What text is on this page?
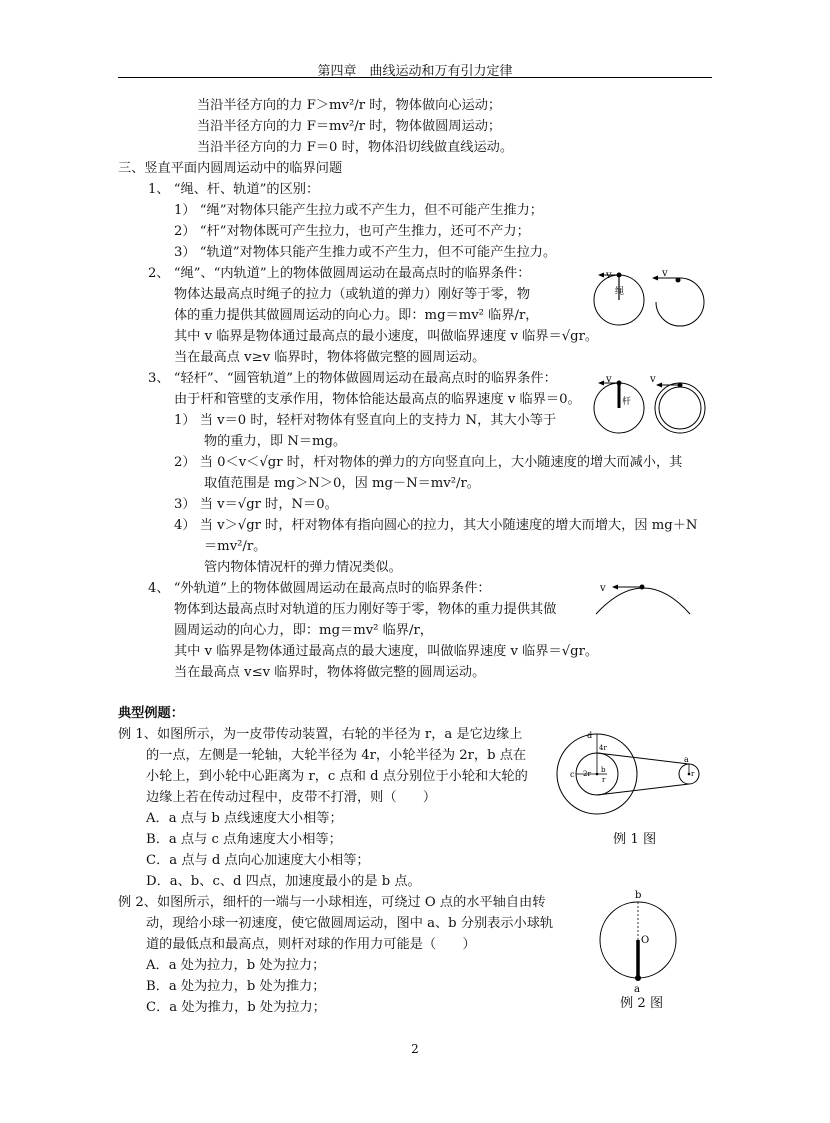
第四章　曲线运动和万有引力定律
当沿半径方向的力 F＞mv²/r 时，物体做向心运动；
当沿半径方向的力 F＝mv²/r 时，物体做圆周运动；
当沿半径方向的力 F＝0 时，物体沿切线做直线运动。
三、竖直平面内圆周运动中的临界问题
1、 “绳、杆、轨道”的区别：
1） “绳”对物体只能产生拉力或不产生力，但不可能产生推力；
2） “杆”对物体既可产生拉力，也可产生推力，还可不产力；
3） “轨道”对物体只能产生推力或不产生力，但不可能产生拉力。
2、 “绳”、“内轨道”上的物体做圆周运动在最高点时的临界条件：
物体达最高点时绳子的拉力（或轨道的弹力）刚好等于零，物
体的重力提供其做圆周运动的向心力。即：mg＝mv² 临界/r，
其中 v 临界是物体通过最高点的最小速度，叫做临界速度 v 临界＝√gr。
当在最高点 v≥v 临界时，物体将做完整的圆周运动。
3、 “轻杆”、“圆管轨道”上的物体做圆周运动在最高点时的临界条件：
由于杆和管壁的支承作用，物体恰能达最高点的临界速度 v 临界＝0。
1） 当 v＝0 时，轻杆对物体有竖直向上的支持力 N，其大小等于
物的重力，即 N＝mg。
2） 当 0＜v＜√gr 时，杆对物体的弹力的方向竖直向上，大小随速度的增大而减小，其
取值范围是 mg＞N＞0，因 mg－N＝mv²/r。
3） 当 v＝√gr 时，N＝0。
4） 当 v＞√gr 时，杆对物体有指向圆心的拉力，其大小随速度的增大而增大，因 mg＋N
＝mv²/r。
管内物体情况杆的弹力情况类似。
4、 “外轨道”上的物体做圆周运动在最高点时的临界条件：
物体到达最高点时对轨道的压力刚好等于零，物体的重力提供其做
圆周运动的向心力，即：mg＝mv² 临界/r，
其中 v 临界是物体通过最高点的最大速度，叫做临界速度 v 临界＝√gr。
当在最高点 v≤v 临界时，物体将做完整的圆周运动。
典型例题：
例 1、如图所示，为一皮带传动装置，右轮的半径为 r，a 是它边缘上
的一点，左侧是一轮轴，大轮半径为 4r，小轮半径为 2r，b 点在
小轮上，到小轮中心距离为 r，c 点和 d 点分别位于小轮和大轮的
边缘上若在传动过程中，皮带不打滑，则（　　）
A．a 点与 b 点线速度大小相等；
B．a 点与 c 点角速度大小相等；
C．a 点与 d 点向心加速度大小相等；
D．a、b、c、d 四点，加速度最小的是 b 点。
例 2、如图所示，细杆的一端与一小球相连，可绕过 O 点的水平轴自由转
动，现给小球一初速度，使它做圆周运动，图中 a、b 分别表示小球轨
道的最低点和最高点，则杆对球的作用力可能是（　　）
A．a 处为拉力，b 处为拉力；
B．a 处为拉力，b 处为推力；
C．a 处为推力，b 处为拉力；
v
绳
v
v
杆
v
v
d
4r
c 2r b
r
a
r
例 1 图
b
O
a
例 2 图
2
